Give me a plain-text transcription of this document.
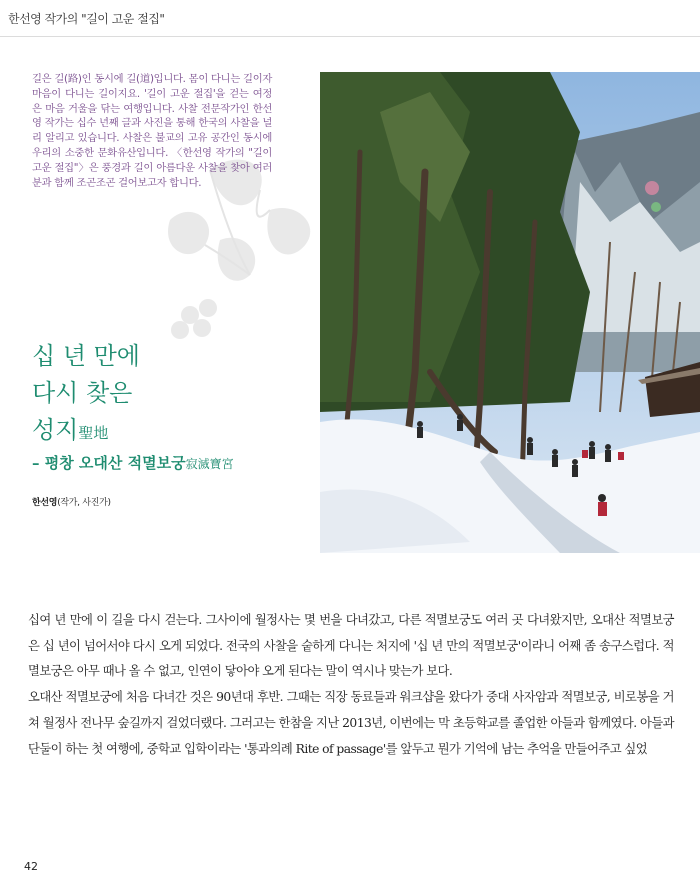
한선영 작가의 "길이 고운 절집"
길은 길(路)인 동시에 길(道)입니다. 몸이 다니는 길이자 마음이 다니는 길이지요. '길이 고운 절집'을 걷는 여정은 마음 거울을 닦는 여행입니다. 사찰 전문작가인 한선영 작가는 십수 년째 글과 사진을 통해 한국의 사찰을 널리 알리고 있습니다. 사찰은 불교의 고유 공간인 동시에 우리의 소중한 문화유산입니다. 〈한선영 작가의 "길이 고운 절집"〉은 풍경과 길이 아름다운 사찰을 찾아 여러분과 함께 조곤조곤 걸어보고자 합니다.
십 년 만에
다시 찾은
성지聖地
– 평창 오대산 적멸보궁寂滅寶宮
한선영(작가, 사진가)

십여 년 만에 이 길을 다시 걷는다. 그사이에 월정사는 몇 번을 다녀갔고, 다른 적멸보궁도 여러 곳 다녀왔지만, 오대산 적멸보궁은 십 년이 넘어서야 다시 오게 되었다. 전국의 사찰을 숱하게 다니는 처지에 '십 년 만의 적멸보궁'이라니 어째 좀 송구스럽다. 적멸보궁은 아무 때나 올 수 없고, 인연이 닿아야 오게 된다는 말이 역시나 맞는가 보다.

오대산 적멸보궁에 처음 다녀간 것은 90년대 후반. 그때는 직장 동료들과 워크샵을 왔다가 중대 사자암과 적멸보궁, 비로봉을 거쳐 월정사 전나무 숲길까지 걸었더랬다. 그러고는 한참을 지난 2013년, 이번에는 막 초등학교를 졸업한 아들과 함께였다. 아들과 단둘이 하는 첫 여행에, 중학교 입학이라는 '통과의례 Rite of passage'를 앞두고 뭔가 기억에 남는 추억을 만들어주고 싶었

42
